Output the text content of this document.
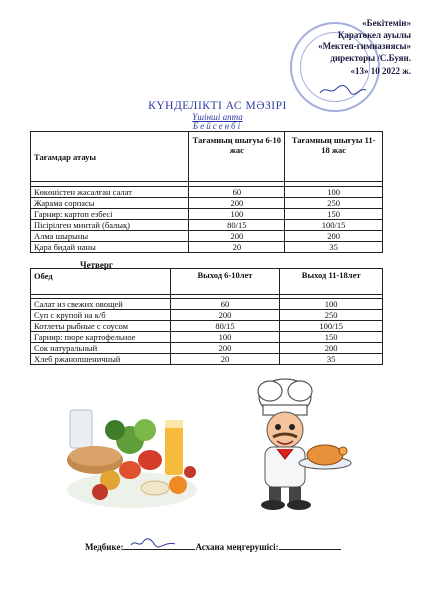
«Бекітемін»
Қаратөкел ауылы
«Мектеп-гимназиясы»
директоры /С.Буян.
«13» 10 2022 ж.
КҮНДЕЛІКТІ АС МӘЗІРІ
Үшінші апта
Бейсенбі
Тағамдар атауы	Тағамның шығуы 6-10 жас	Тағамның шығуы 11-18 жас

Көкөністен жасалған салат	60	100
Жарама сорпасы	200	250
Гарнир: картоп езбесі	100	150
Пісірілген минтай (балық)	80/15	100/15
Алма шырыны	200	200
Қара бидай наны	20	35
Четверг
Обед	Выход 6-10лет	Выход 11-18лет

Салат из свежих овощей	60	100
Суп с крупой на к/б	200	250
Котлеты рыбные с соусом	80/15	100/15
Гарнир: пюре картофельное	100	150
Сок натуральный	200	200
Хлеб ржанопшеничный	20	35
Медбике:	Асхана меңгерушісі:
